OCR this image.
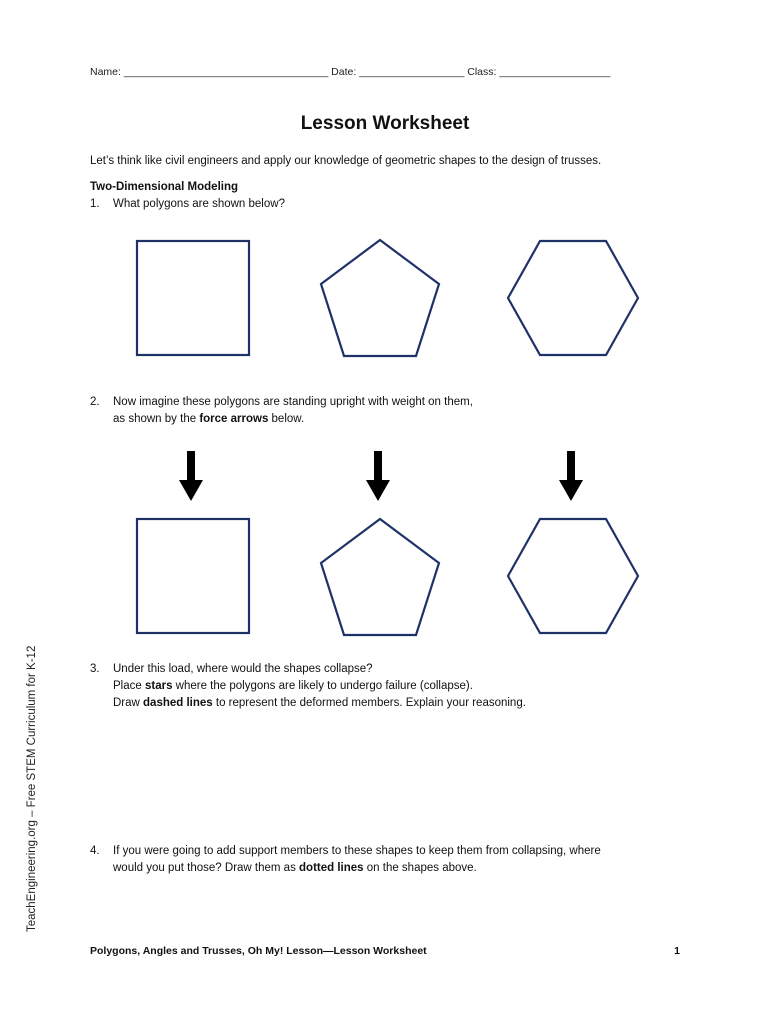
Name: ___________________________________ Date: __________________ Class: ___________________
Lesson Worksheet
Let’s think like civil engineers and apply our knowledge of geometric shapes to the design of trusses.
Two-Dimensional Modeling
1. What polygons are shown below?
2. Now imagine these polygons are standing upright with weight on them,
as shown by the force arrows below.
3. Under this load, where would the shapes collapse?
Place stars where the polygons are likely to undergo failure (collapse).
Draw dashed lines to represent the deformed members. Explain your reasoning.
4. If you were going to add support members to these shapes to keep them from collapsing, where
would you put those? Draw them as dotted lines on the shapes above.
TeachEngineering.org – Free STEM Curriculum for K-12
Polygons, Angles and Trusses, Oh My! Lesson—Lesson Worksheet	1
